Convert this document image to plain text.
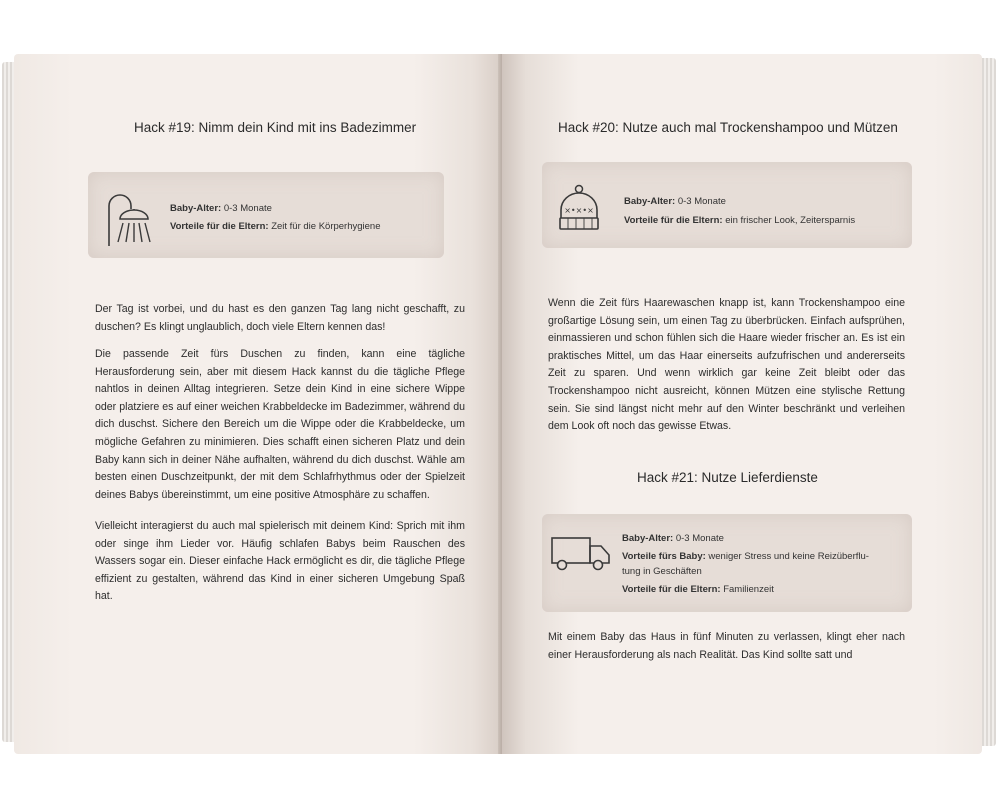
Hack #19: Nimm dein Kind mit ins Badezimmer
Baby-Alter: 0-3 Monate
Vorteile für die Eltern: Zeit für die Körperhygiene
Der Tag ist vorbei, und du hast es den ganzen Tag lang nicht geschafft, zu duschen? Es klingt unglaublich, doch viele Eltern kennen das!
Die passende Zeit fürs Duschen zu finden, kann eine tägliche Herausforderung sein, aber mit diesem Hack kannst du die tägliche Pflege nahtlos in deinen Alltag integrieren. Setze dein Kind in eine sichere Wippe oder platziere es auf einer weichen Krabbeldecke im Badezimmer, während du dich duschst. Sichere den Bereich um die Wippe oder die Krabbeldecke, um mögliche Gefahren zu minimieren. Dies schafft einen sicheren Platz und dein Baby kann sich in deiner Nähe aufhalten, während du dich duschst. Wähle am besten einen Duschzeitpunkt, der mit dem Schlafrhythmus oder der Spielzeit deines Babys übereinstimmt, um eine positive Atmosphäre zu schaffen.
Vielleicht interagierst du auch mal spielerisch mit deinem Kind: Sprich mit ihm oder singe ihm Lieder vor. Häufig schlafen Babys beim Rauschen des Wassers sogar ein. Dieser einfache Hack ermöglicht es dir, die tägliche Pflege effizient zu gestalten, während das Kind in einer sicheren Umgebung Spaß hat.
Hack #20: Nutze auch mal Trockenshampoo und Mützen
×•×•×
Baby-Alter: 0-3 Monate
Vorteile für die Eltern: ein frischer Look, Zeitersparnis
Wenn die Zeit fürs Haarewaschen knapp ist, kann Trockenshampoo eine großartige Lösung sein, um einen Tag zu überbrücken. Einfach aufsprühen, einmassieren und schon fühlen sich die Haare wieder frischer an. Es ist ein praktisches Mittel, um das Haar einerseits aufzufrischen und andererseits Zeit zu sparen. Und wenn wirklich gar keine Zeit bleibt oder das Trockenshampoo nicht ausreicht, können Mützen eine stylische Rettung sein. Sie sind längst nicht mehr auf den Winter beschränkt und verleihen dem Look oft noch das gewisse Etwas.
Hack #21: Nutze Lieferdienste
Baby-Alter: 0-3 Monate
Vorteile fürs Baby: weniger Stress und keine Reizüberflu-
tung in Geschäften
Vorteile für die Eltern: Familienzeit
Mit einem Baby das Haus in fünf Minuten zu verlassen, klingt eher nach einer Herausforderung als nach Realität. Das Kind sollte satt und
